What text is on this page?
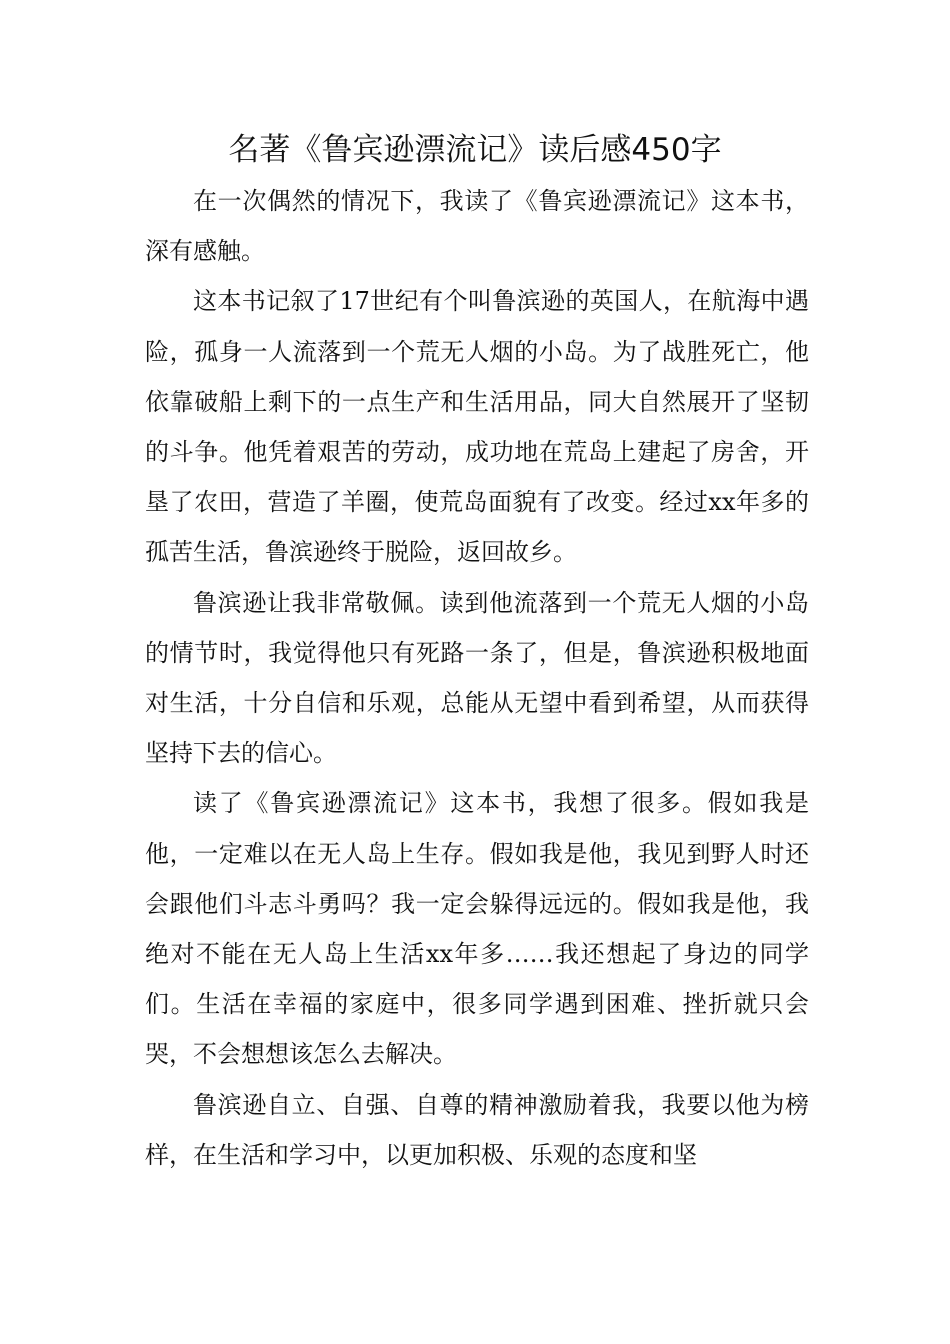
名著《鲁宾逊漂流记》读后感450字

在一次偶然的情况下，我读了《鲁宾逊漂流记》这本书，深有感触。

这本书记叙了17世纪有个叫鲁滨逊的英国人，在航海中遇险，孤身一人流落到一个荒无人烟的小岛。为了战胜死亡，他依靠破船上剩下的一点生产和生活用品，同大自然展开了坚韧的斗争。他凭着艰苦的劳动，成功地在荒岛上建起了房舍，开垦了农田，营造了羊圈，使荒岛面貌有了改变。经过xx年多的孤苦生活，鲁滨逊终于脱险，返回故乡。

鲁滨逊让我非常敬佩。读到他流落到一个荒无人烟的小岛的情节时，我觉得他只有死路一条了，但是，鲁滨逊积极地面对生活，十分自信和乐观，总能从无望中看到希望，从而获得坚持下去的信心。

读了《鲁宾逊漂流记》这本书，我想了很多。假如我是他，一定难以在无人岛上生存。假如我是他，我见到野人时还会跟他们斗志斗勇吗？我一定会躲得远远的。假如我是他，我绝对不能在无人岛上生活xx年多……我还想起了身边的同学们。生活在幸福的家庭中，很多同学遇到困难、挫折就只会哭，不会想想该怎么去解决。

鲁滨逊自立、自强、自尊的精神激励着我，我要以他为榜样，在生活和学习中，以更加积极、乐观的态度和坚
